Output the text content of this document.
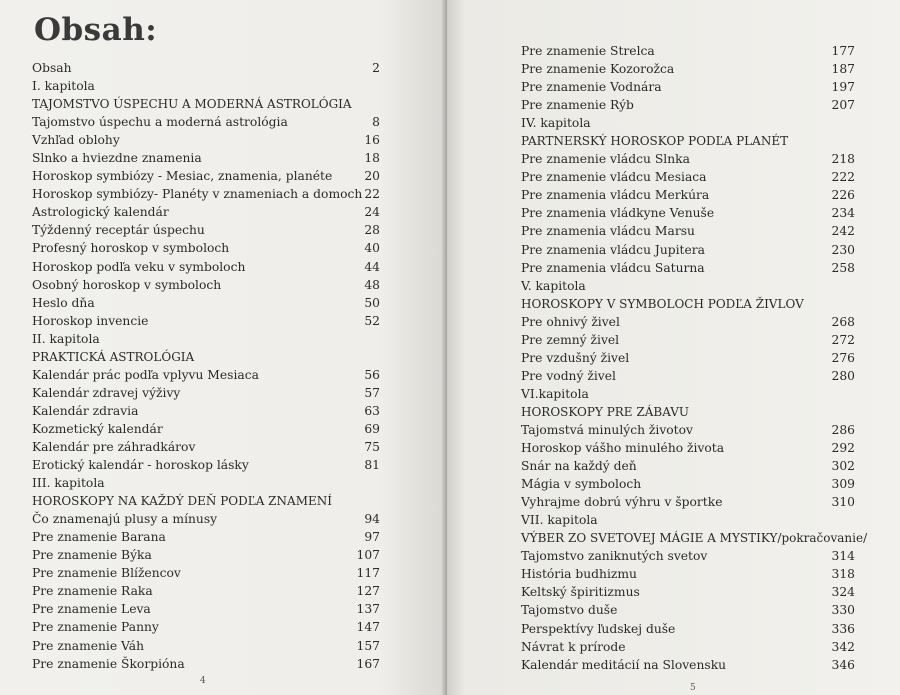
Obsah:
Obsah	2
I. kapitola
TAJOMSTVO ÚSPECHU A MODERNÁ ASTROLÓGIA
Tajomstvo úspechu a moderná astrológia	8
Vzhľad oblohy	16
Slnko a hviezdne znamenia	18
Horoskop symbiózy - Mesiac, znamenia, planéte	20
Horoskop symbiózy- Planéty v znameniach a domoch 22
Astrologický kalendár	24
Týždenný receptár úspechu	28
Profesný horoskop v symboloch	40
Horoskop podľa veku v symboloch	44
Osobný horoskop v symboloch	48
Heslo dňa	50
Horoskop invencie	52
II. kapitola
PRAKTICKÁ ASTROLÓGIA
Kalendár prác podľa vplyvu Mesiaca	56
Kalendár zdravej výživy	57
Kalendár zdravia	63
Kozmetický kalendár	69
Kalendár pre záhradkárov	75
Erotický kalendár - horoskop lásky	81
III. kapitola
HOROSKOPY NA KAŽDÝ DEŇ PODĽA ZNAMENÍ
Čo znamenajú plusy a mínusy	94
Pre znamenie Barana	97
Pre znamenie Býka	107
Pre znamenie Blížencov	117
Pre znamenie Raka	127
Pre znamenie Leva	137
Pre znamenie Panny	147
Pre znamenie Váh	157
Pre znamenie Škorpióna	167
4
Pre znamenie Strelca	177
Pre znamenie Kozorožca	187
Pre znamenie Vodnára	197
Pre znamenie Rýb	207
IV. kapitola
PARTNERSKÝ HOROSKOP PODĽA PLANÉT
Pre znamenie vládcu Slnka	218
Pre znamenie vládcu Mesiaca	222
Pre znamenia vládcu Merkúra	226
Pre znamenia vládkyne Venuše	234
Pre znamenia vládcu Marsu	242
Pre znamenia vládcu Jupitera	230
Pre znamenia vládcu Saturna	258
V. kapitola
HOROSKOPY V SYMBOLOCH PODĽA ŽIVLOV
Pre ohnivý živel	268
Pre zemný živel	272
Pre vzdušný živel	276
Pre vodný živel	280
VI.kapitola
HOROSKOPY PRE ZÁBAVU
Tajomstvá minulých životov	286
Horoskop vášho minulého života	292
Snár na každý deň	302
Mágia v symboloch	309
Vyhrajme dobrú výhru v športke	310
VII. kapitola
VÝBER ZO SVETOVEJ MÁGIE A MYSTIKY/pokračovanie/
Tajomstvo zaniknutých svetov	314
História budhizmu	318
Keltský špiritizmus	324
Tajomstvo duše	330
Perspektívy ľudskej duše	336
Návrat k prírode	342
Kalendár meditácií na Slovensku	346
5
